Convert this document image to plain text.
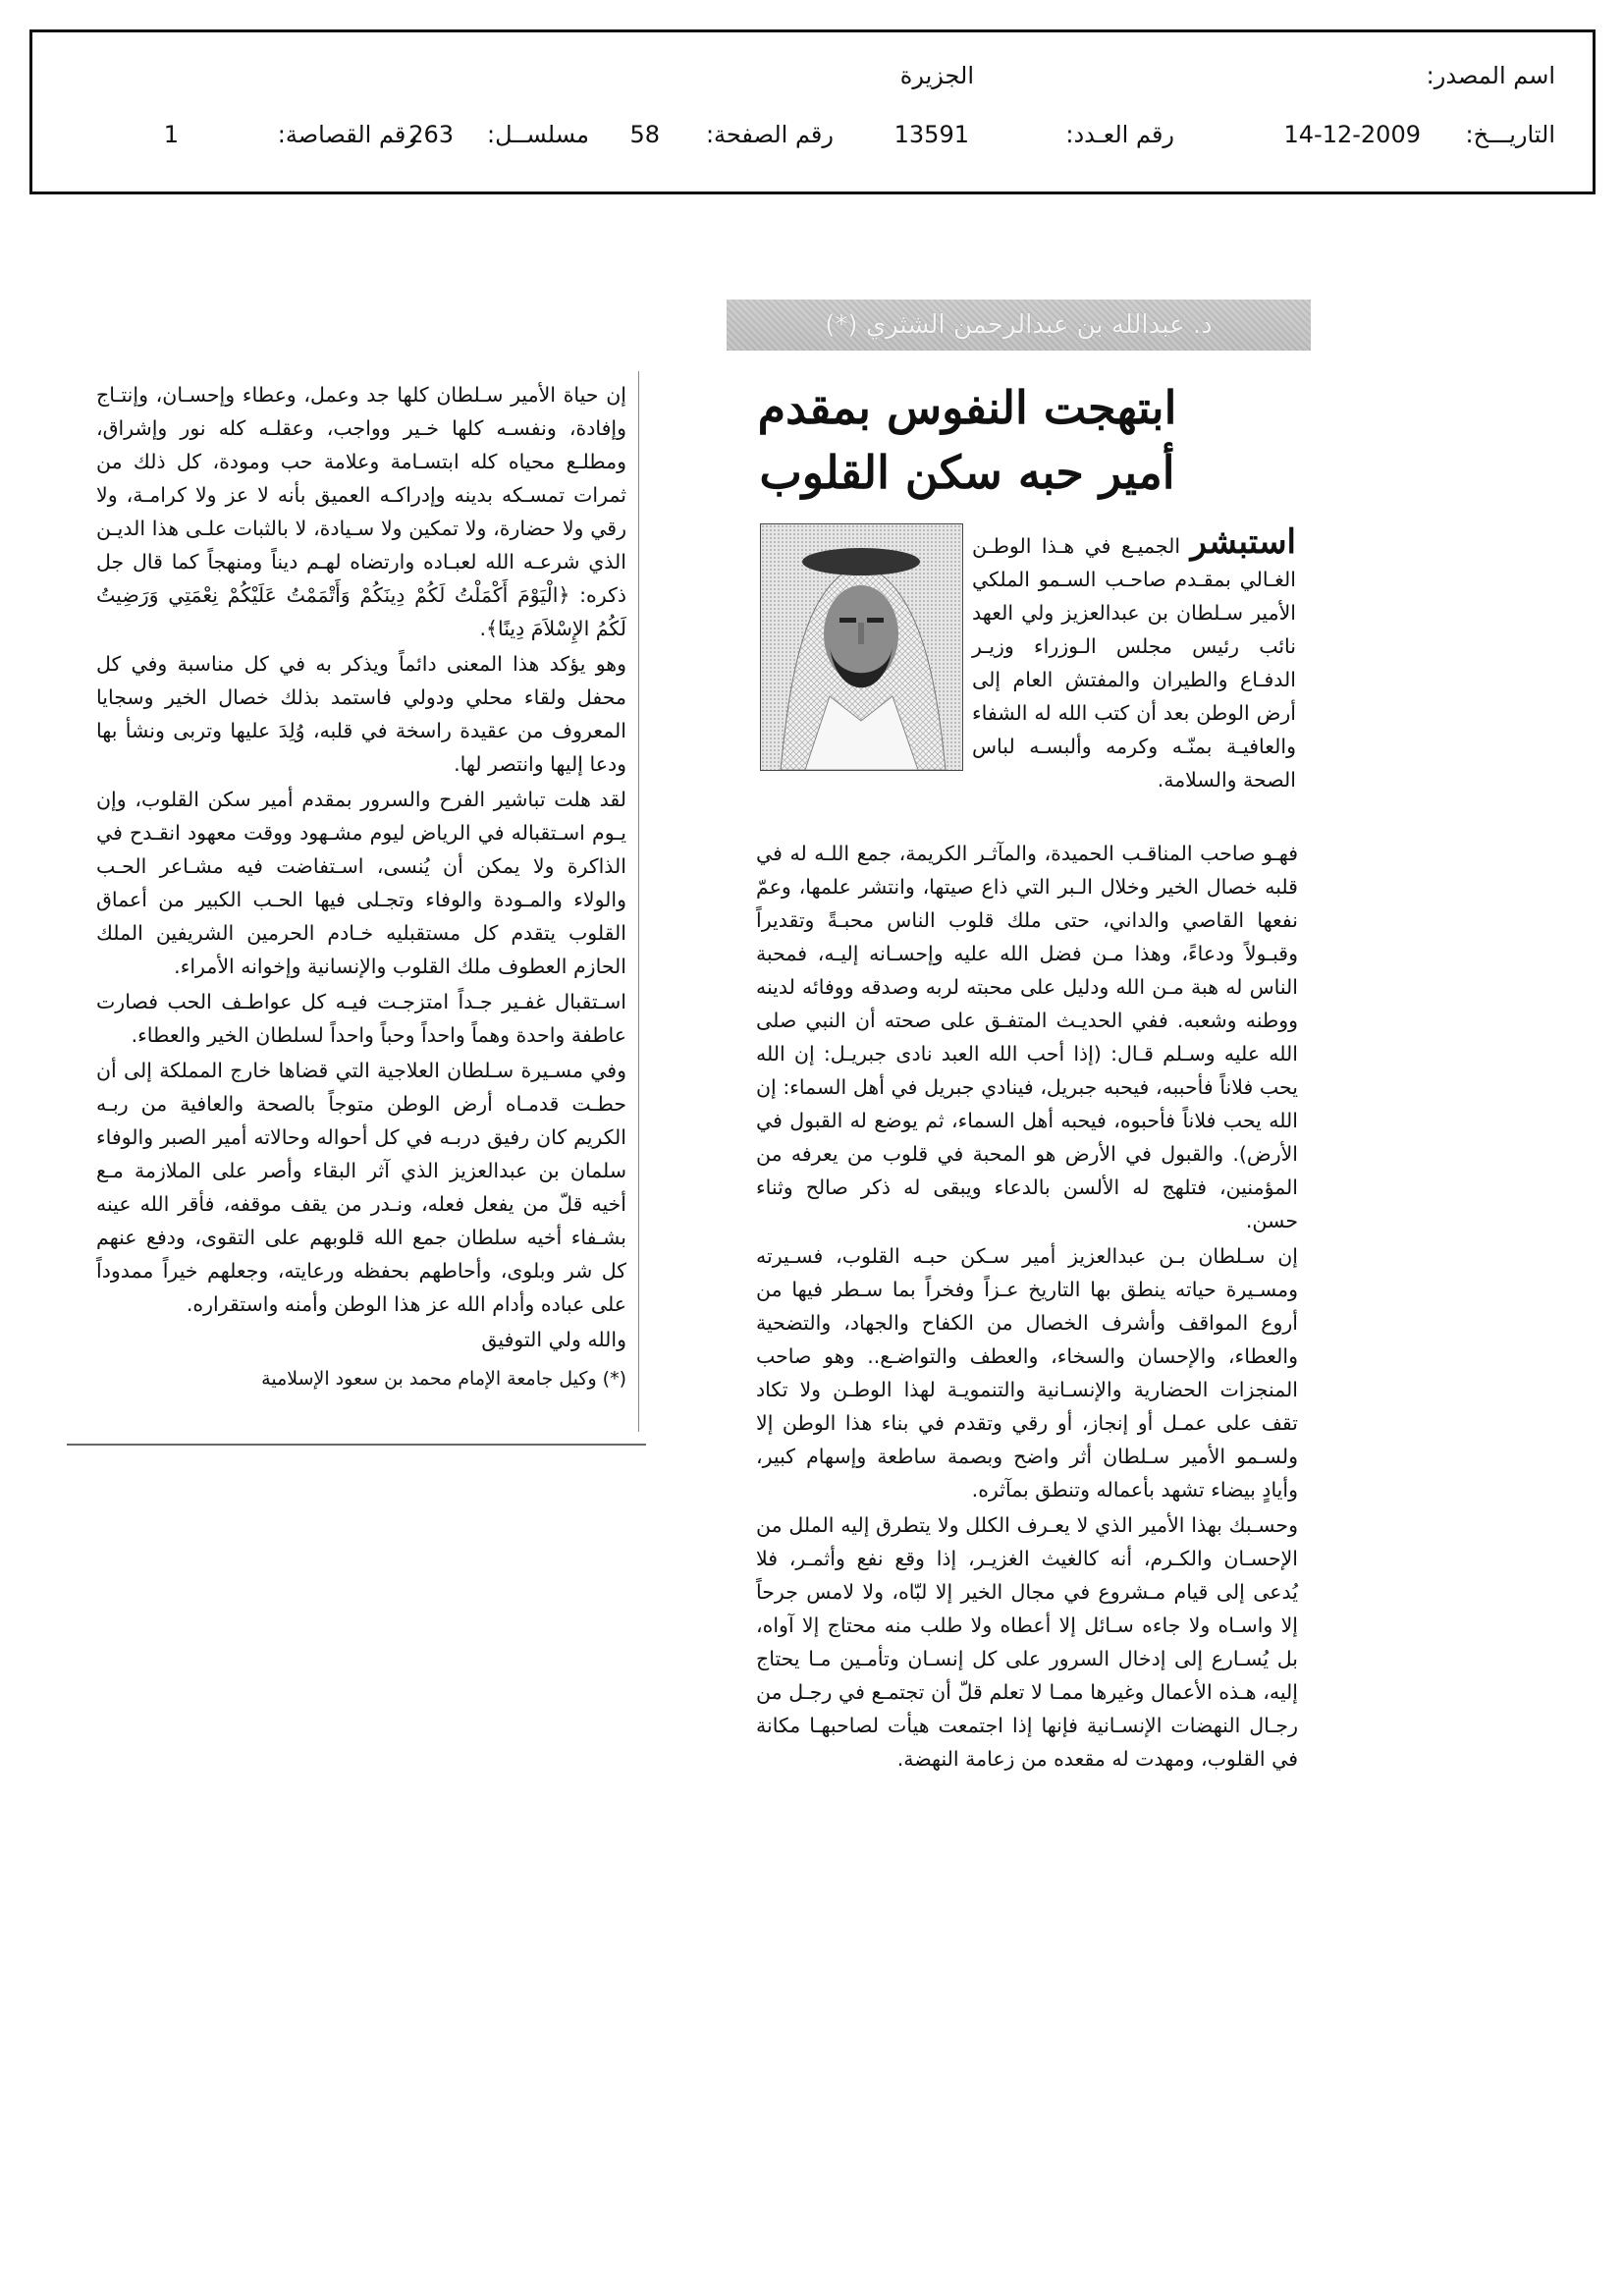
اسم المصدر:
الجزيرة
التاريـــخ:
14-12-2009
رقم العـدد:
13591
رقم الصفحة:
58
مسلســل:
263
رقم القصاصة:
1
د. عبدالله بن عبدالرحمن الشثري (*)
ابتهجت النفوس بمقدم
أمير حبه سكن القلوب

استبشر الجميـع في هـذا الوطـن الغـالي بمقـدم صاحـب السـمو الملكي الأمير سـلطان بن عبدالعزيز ولي العهد نائب رئيس مجلس الـوزراء وزيـر الدفـاع والطيران والمفتش العام إلى أرض الوطن بعد أن كتب الله له الشفاء والعافيـة بمنّـه وكرمه وألبسـه لباس الصحة والسلامة.

فهـو صاحب المناقـب الحميدة، والمآثـر الكريمة، جمع اللـه له في قلبه خصال الخير وخلال الـبر التي ذاع صيتها، وانتشر علمها، وعمّ نفعها القاصي والداني، حتى ملك قلوب الناس محبـةً وتقديراً وقبـولاً ودعاءً، وهذا مـن فضل الله عليه وإحسـانه إليـه، فمحبة الناس له هبة مـن الله ودليل على محبته لربه وصدقه ووفائه لدينه ووطنه وشعبه. ففي الحديـث المتفـق على صحته أن النبي صلى الله عليه وسـلم قـال: (إذا أحب الله العبد نادى جبريـل: إن الله يحب فلاناً فأحببه، فيحبه جبريل، فينادي جبريل في أهل السماء: إن الله يحب فلاناً فأحبوه، فيحبه أهل السماء، ثم يوضع له القبول في الأرض). والقبول في الأرض هو المحبة في قلوب من يعرفه من المؤمنين، فتلهج له الألسن بالدعاء ويبقى له ذكر صالح وثناء حسن.

إن سـلطان بـن عبدالعزيز أمير سـكن حبـه القلوب، فسـيرته ومسـيرة حياته ينطق بها التاريخ عـزاً وفخراً بما سـطر فيها من أروع المواقف وأشرف الخصال من الكفاح والجهاد، والتضحية والعطاء، والإحسان والسخاء، والعطف والتواضـع.. وهو صاحب المنجزات الحضارية والإنسـانية والتنمويـة لهذا الوطـن ولا تكاد تقف على عمـل أو إنجاز، أو رقي وتقدم في بناء هذا الوطن إلا ولسـمو الأمير سـلطان أثر واضح وبصمة ساطعة وإسهام كبير، وأيادٍ بيضاء تشهد بأعماله وتنطق بمآثره.

وحسـبك بهذا الأمير الذي لا يعـرف الكلل ولا يتطرق إليه الملل من الإحسـان والكـرم، أنه كالغيث الغزيـر، إذا وقع نفع وأثمـر، فلا يُدعى إلى قيام مـشروع في مجال الخير إلا لبّاه، ولا لامس جرحاً إلا واسـاه ولا جاءه سـائل إلا أعطاه ولا طلب منه محتاج إلا آواه، بل يُسـارع إلى إدخال السرور على كل إنسـان وتأمـين مـا يحتاج إليه، هـذه الأعمال وغيرها ممـا لا تعلم قلّ أن تجتمـع في رجـل من رجـال النهضات الإنسـانية فإنها إذا اجتمعت هيأت لصاحبهـا مكانة في القلوب، ومهدت له مقعده من زعامة النهضة.

إن حياة الأمير سـلطان كلها جد وعمل، وعطاء وإحسـان، وإنتـاج وإفادة، ونفسـه كلها خـير وواجب، وعقلـه كله نور وإشراق، ومطلـع محياه كله ابتسـامة وعلامة حب ومودة، كل ذلك من ثمرات تمسـكه بدينه وإدراكـه العميق بأنه لا عز ولا كرامـة، ولا رقي ولا حضارة، ولا تمكين ولا سـيادة، لا بالثبات علـى هذا الديـن الذي شرعـه الله لعبـاده وارتضاه لهـم ديناً ومنهجاً كما قال جل ذكره: ﴿الْيَوْمَ أَكْمَلْتُ لَكُمْ دِينَكُمْ وَأَتْمَمْتُ عَلَيْكُمْ نِعْمَتِي وَرَضِيتُ لَكُمُ الإِسْلاَمَ دِينًا﴾.

وهو يؤكد هذا المعنى دائماً ويذكر به في كل مناسبة وفي كل محفل ولقاء محلي ودولي فاستمد بذلك خصال الخير وسجايا المعروف من عقيدة راسخة في قلبه، وُلِدَ عليها وتربى ونشأ بها ودعا إليها وانتصر لها.

لقد هلت تباشير الفرح والسرور بمقدم أمير سكن القلوب، وإن يـوم اسـتقباله في الرياض ليوم مشـهود ووقت معهود انقـدح في الذاكرة ولا يمكن أن يُنسى، اسـتفاضت فيه مشـاعر الحـب والولاء والمـودة والوفاء وتجـلى فيها الحـب الكبير من أعماق القلوب يتقدم كل مستقبليه خـادم الحرمين الشريفين الملك الحازم العطوف ملك القلوب والإنسانية وإخوانه الأمراء.

اسـتقبال غفـير جـداً امتزجـت فيـه كل عواطـف الحب فصارت عاطفة واحدة وهماً واحداً وحباً واحداً لسلطان الخير والعطاء.

وفي مسـيرة سـلطان العلاجية التي قضاها خارج المملكة إلى أن حطـت قدمـاه أرض الوطن متوجاً بالصحة والعافية من ربـه الكريم كان رفيق دربـه في كل أحواله وحالاته أمير الصبر والوفاء سلمان بن عبدالعزيز الذي آثر البقاء وأصر على الملازمة مـع أخيه قلّ من يفعل فعله، ونـدر من يقف موقفه، فأقر الله عينه بشـفاء أخيه سلطان جمع الله قلوبهم على التقوى، ودفع عنهم كل شر وبلوى، وأحاطهم بحفظه ورعايته، وجعلهم خيراً ممدوداً على عباده وأدام الله عز هذا الوطن وأمنه واستقراره.

والله ولي التوفيق

(*) وكيل جامعة الإمام محمد بن سعود الإسلامية
